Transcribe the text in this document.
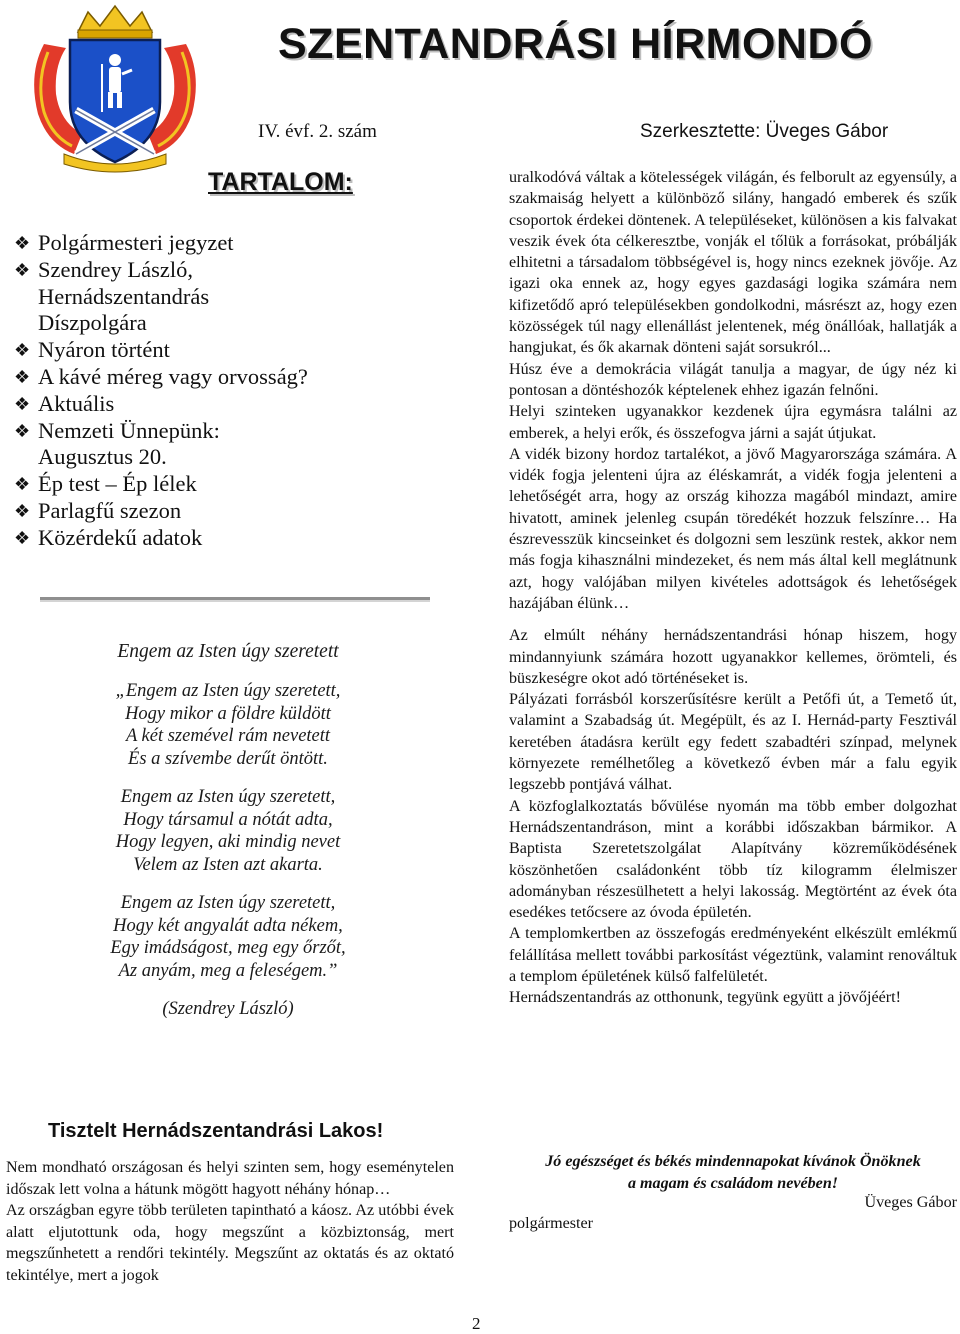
SZENTANDRÁSI HÍRMONDÓ
IV. évf. 2. szám	Szerkesztette: Üveges Gábor
TARTALOM:
❖ Polgármesteri jegyzet
❖ Szendrey László,
Hernádszentandrás
Díszpolgára
❖ Nyáron történt
❖ A kávé méreg vagy orvosság?
❖ Aktuális
❖ Nemzeti Ünnepünk:
Augusztus 20.
❖ Ép test – Ép lélek
❖ Parlagfű szezon
❖ Közérdekű adatok
Engem az Isten úgy szeretett
„Engem az Isten úgy szeretett,
Hogy mikor a földre küldött
A két szemével rám nevetett
És a szívembe derűt öntött.
Engem az Isten úgy szeretett,
Hogy társamul a nótát adta,
Hogy legyen, aki mindig nevet
Velem az Isten azt akarta.
Engem az Isten úgy szeretett,
Hogy két angyalát adta nékem,
Egy imádságost, meg egy őrzőt,
Az anyám, meg a feleségem.”
(Szendrey László)
Tisztelt Hernádszentandrási Lakos!

Nem mondható országosan és helyi szinten sem, hogy eseménytelen időszak lett volna a hátunk mögött hagyott néhány hónap…

Az országban egyre több területen tapintható a káosz. Az utóbbi évek alatt eljutottunk oda, hogy megszűnt a közbiztonság, mert megszűnhetett a rendőri tekintély. Megszűnt az oktatás és az oktató tekintélye, mert a jogok

uralkodóvá váltak a kötelességek világán, és felborult az egyensúly, a szakmaiság helyett a különböző silány, hangadó emberek és szűk csoportok érdekei döntenek. A településeket, különösen a kis falvakat veszik évek óta célkeresztbe, vonják el tőlük a forrásokat, próbálják elhitetni a társadalom többségével is, hogy nincs ezeknek jövője. Az igazi oka ennek az, hogy egyes gazdasági logika számára nem kifizetődő apró településekben gondolkodni, másrészt az, hogy ezen közösségek túl nagy ellenállást jelentenek, még önállóak, hallatják a hangjukat, és ők akarnak dönteni saját sorsukról...

Húsz éve a demokrácia világát tanulja a magyar, de úgy néz ki pontosan a döntéshozók képtelenek ehhez igazán felnőni.

Helyi szinteken ugyanakkor kezdenek újra egymásra találni az emberek, a helyi erők, és összefogva járni a saját útjukat.

A vidék bizony hordoz tartalékot, a jövő Magyarországa számára. A vidék fogja jelenteni újra az éléskamrát, a vidék fogja jelenteni a lehetőségét arra, hogy az ország kihozza magából mindazt, amire hivatott, aminek jelenleg csupán töredékét hozzuk felszínre… Ha észrevesszük kincseinket és dolgozni sem leszünk restek, akkor nem más fogja kihasználni mindezeket, és nem más által kell meglátnunk azt, hogy valójában milyen kivételes adottságok és lehetőségek hazájában élünk…

Az elmúlt néhány hernádszentandrási hónap hiszem, hogy mindannyiunk számára hozott ugyanakkor kellemes, örömteli, és büszkeségre okot adó történéseket is.

Pályázati forrásból korszerűsítésre került a Petőfi út, a Temető út, valamint a Szabadság út. Megépült, és az I. Hernád-party Fesztivál keretében átadásra került egy fedett szabadtéri színpad, melynek környezete remélhetőleg a következő évben már a falu egyik legszebb pontjává válhat.

A közfoglalkoztatás bővülése nyomán ma több ember dolgozhat Hernádszentandráson, mint a korábbi időszakban bármikor. A Baptista Szeretetszolgálat Alapítvány közreműködésének köszönhetően családonként több tíz kilogramm élelmiszer adományban részesülhetett a helyi lakosság. Megtörtént az évek óta esedékes tetőcsere az óvoda épületén.

A templomkertben az összefogás eredményeként elkészült emlékmű felállítása mellett további parkosítást végeztünk, valamint renováltuk a templom épületének külső falfelületét.

Hernádszentandrás az otthonunk, tegyünk együtt a jövőjéért!

Jó egészséget és békés mindennapokat kívánok Önöknek
a magam és családom nevében!
Üveges Gábor
polgármester
2
